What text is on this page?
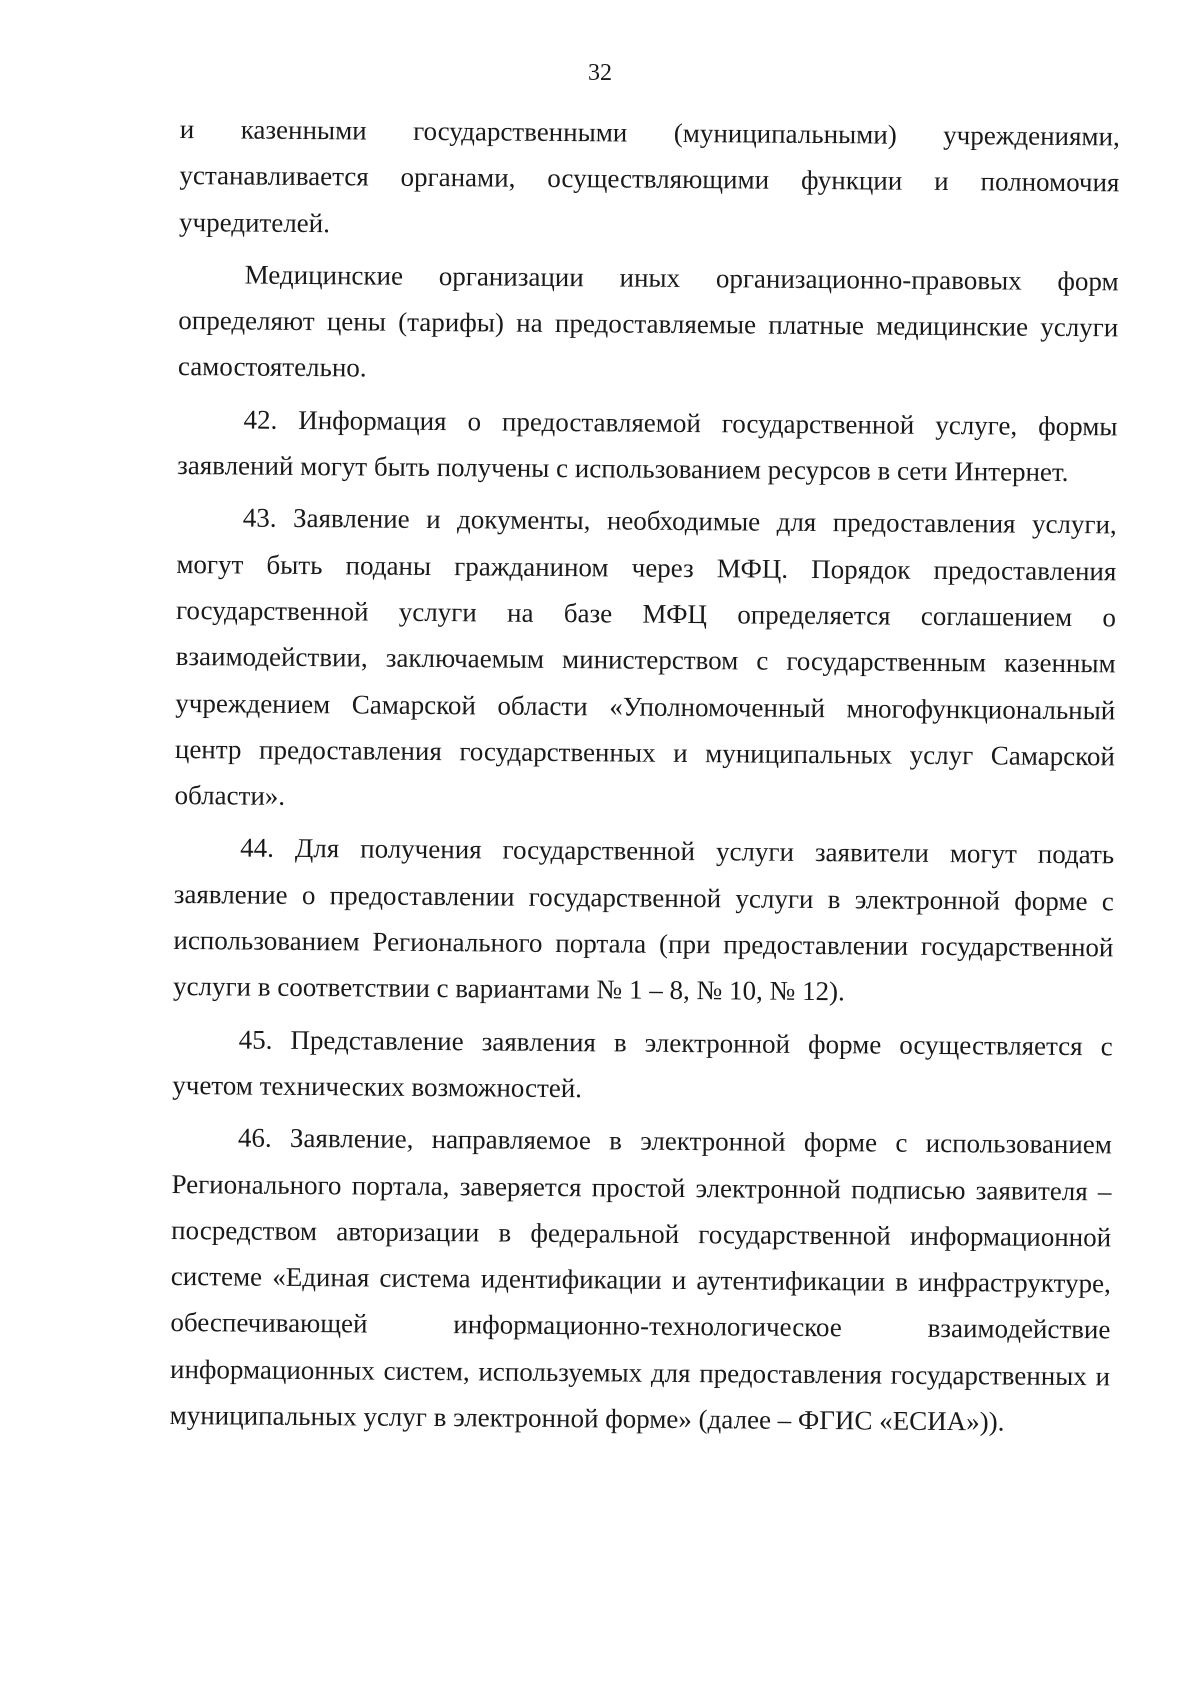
32

и казенными государственными (муниципальными) учреждениями, устанавливается органами, осуществляющими функции и полномочия учредителей.

Медицинские организации иных организационно-правовых форм определяют цены (тарифы) на предоставляемые платные медицинские услуги самостоятельно.

42. Информация о предоставляемой государственной услуге, формы заявлений могут быть получены с использованием ресурсов в сети Интернет.

43. Заявление и документы, необходимые для предоставления услуги, могут быть поданы гражданином через МФЦ. Порядок предоставления государственной услуги на базе МФЦ определяется соглашением о взаимодействии, заключаемым министерством с государственным казенным учреждением Самарской области «Уполномоченный многофункциональный центр предоставления государственных и муниципальных услуг Самарской области».

44. Для получения государственной услуги заявители могут подать заявление о предоставлении государственной услуги в электронной форме с использованием Регионального портала (при предоставлении государственной услуги в соответствии с вариантами № 1 – 8, № 10, № 12).

45. Представление заявления в электронной форме осуществляется с учетом технических возможностей.

46. Заявление, направляемое в электронной форме с использованием Регионального портала, заверяется простой электронной подписью заявителя – посредством авторизации в федеральной государственной информационной системе «Единая система идентификации и аутентификации в инфраструктуре, обеспечивающей информационно-технологическое взаимодействие информационных систем, используемых для предоставления государственных и муниципальных услуг в электронной форме» (далее – ФГИС «ЕСИА»)).
